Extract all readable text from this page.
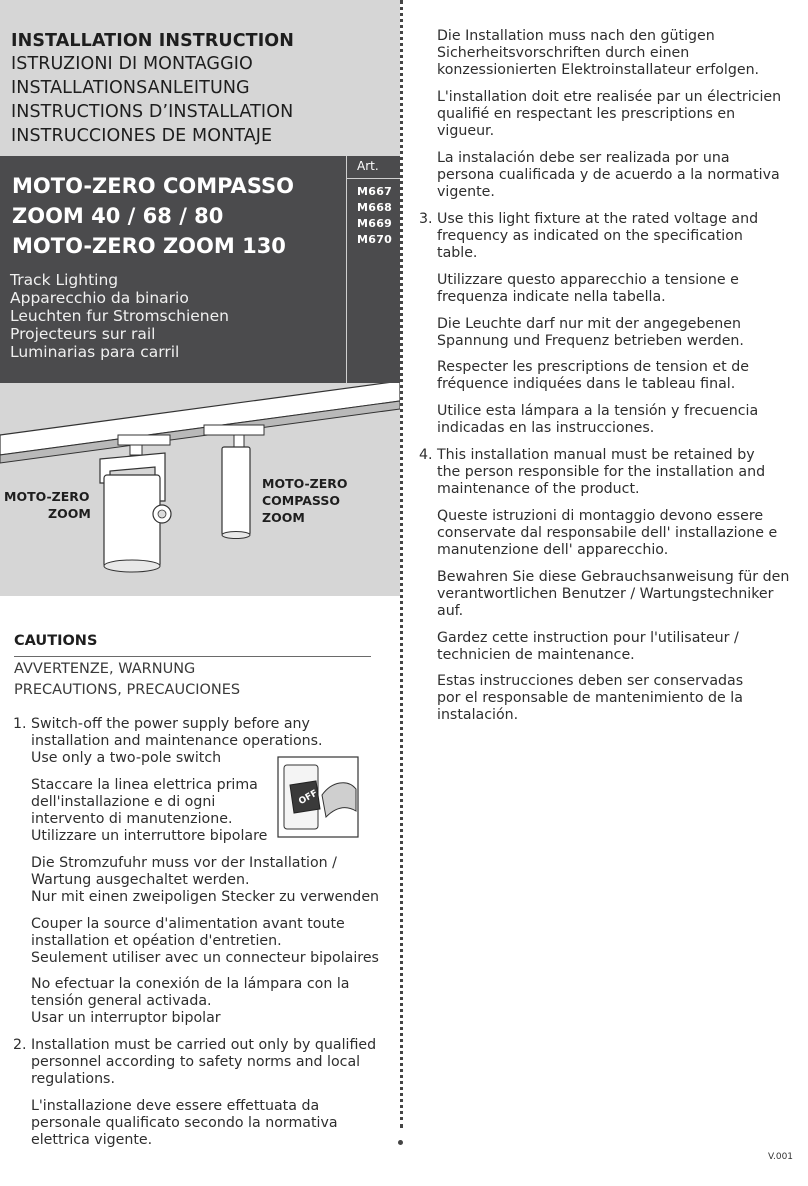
INSTALLATION INSTRUCTION
ISTRUZIONI DI MONTAGGIO
INSTALLATIONSANLEITUNG
INSTRUCTIONS D’INSTALLATION
INSTRUCCIONES DE MONTAJE
Art.
M667
M668
M669
M670
MOTO-ZERO COMPASSO
ZOOM 40 / 68 / 80
MOTO-ZERO ZOOM 130
Track Lighting
Apparecchio da binario
Leuchten fur Stromschienen
Projecteurs sur rail
Luminarias para carril
MOTO-ZERO
ZOOM
MOTO-ZERO
COMPASSO
ZOOM
CAUTIONS
AVVERTENZE, WARNUNG
PRECAUTIONS, PRECAUCIONES
1. Switch-off the power supply before any
installation and maintenance operations.
Use only a two-pole switch
Staccare la linea elettrica prima
dell'installazione e di ogni
intervento di manutenzione.
Utilizzare un interruttore bipolare
OFF
Die Stromzufuhr muss vor der Installation /
Wartung ausgechaltet werden.
Nur mit einen zweipoligen Stecker zu verwenden
Couper la source d'alimentation avant toute
installation et opéation d'entretien.
Seulement utiliser avec un connecteur bipolaires
No efectuar la conexión de la lámpara con la
tensión general activada.
Usar un interruptor bipolar
2. Installation must be carried out only by qualified
personnel according to safety norms and local
regulations.
L'installazione deve essere effettuata da
personale qualificato secondo la normativa
elettrica vigente.
Die Installation muss nach den gütigen
Sicherheitsvorschriften durch einen
konzessionierten Elektroinstallateur erfolgen.
L'installation doit etre realisée par un électricien
qualifié en respectant les prescriptions en
vigueur.
La instalación debe ser realizada por una
persona cualificada y de acuerdo a la normativa
vigente.
3. Use this light fixture at the rated voltage and
frequency as indicated on the specification
table.
Utilizzare questo apparecchio a tensione e
frequenza indicate nella tabella.
Die Leuchte darf nur mit der angegebenen
Spannung und Frequenz betrieben werden.
Respecter les prescriptions de tension et de
fréquence indiquées dans le tableau final.
Utilice esta lámpara a la tensión y frecuencia
indicadas en las instrucciones.
4. This installation manual must be retained by
the person responsible for the installation and
maintenance of the product.
Queste istruzioni di montaggio devono essere
conservate dal responsabile dell' installazione e
manutenzione dell' apparecchio.
Bewahren Sie diese Gebrauchsanweisung für den
verantwortlichen Benutzer / Wartungstechniker
auf.
Gardez cette instruction pour l'utilisateur /
technicien de maintenance.
Estas instrucciones deben ser conservadas
por el responsable de mantenimiento de la
instalación.
V.001
